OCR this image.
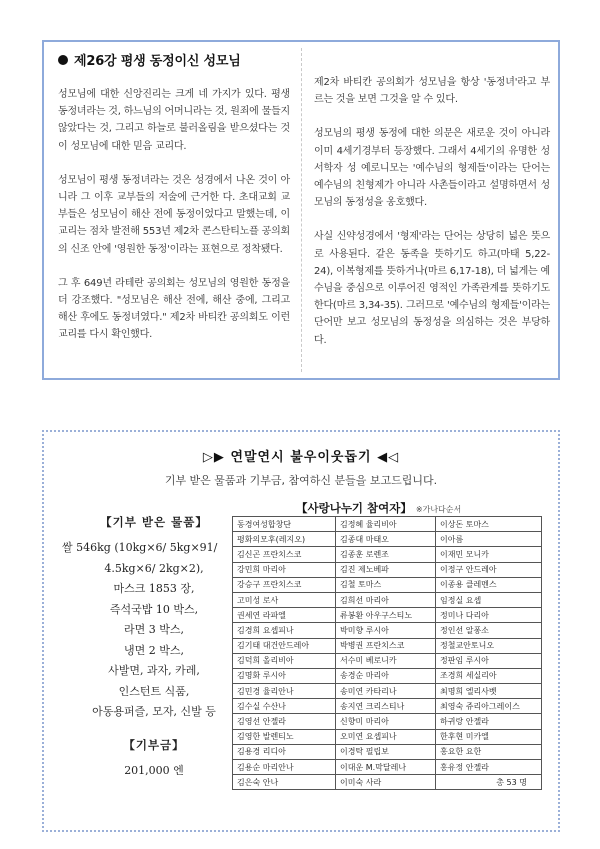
제26강 평생 동정이신 성모님

성모님에 대한 신앙진리는 크게 네 가지가 있다. 평생 동정녀라는 것, 하느님의 어머니라는 것, 원죄에 물들지 않았다는 것, 그리고 하늘로 불러올림을 받으셨다는 것이 성모님에 대한 믿음 교리다.

성모님이 평생 동정녀라는 것은 성경에서 나온 것이 아니라 그 이후 교부들의 저술에 근거한 다. 초대교회 교부들은 성모님이 해산 전에 동정이었다고 말했는데, 이 교리는 점차 발전해 553년 제2차 콘스탄티노플 공의회의 신조 안에 '영원한 동정'이라는 표현으로 정착됐다.

그 후 649년 라테란 공의회는 성모님의 영원한 동정을 더 강조했다. "성모님은 해산 전에, 해산 중에, 그리고 해산 후에도 동정녀였다." 제2차 바티칸 공의회도 이런 교리를 다시 확인했다.

제2차 바티칸 공의회가 성모님을 항상 '동정녀'라고 부르는 것을 보면 그것을 알 수 있다.

성모님의 평생 동정에 대한 의문은 새로운 것이 아니라 이미 4세기경부터 등장했다. 그래서 4세기의 유명한 성서학자 성 예로니모는 '예수님의 형제들'이라는 단어는 예수님의 친형제가 아니라 사촌들이라고 설명하면서 성모님의 동정성을 옹호했다.

사실 신약성경에서 '형제'라는 단어는 상당히 넓은 뜻으로 사용된다. 같은 동족을 뜻하기도 하고(마태 5,22-24), 이복형제를 뜻하거나(마르 6,17-18), 더 넓게는 예수님을 중심으로 이루어진 영적인 가족관계를 뜻하기도 한다(마르 3,34-35). 그러므로 '예수님의 형제들'이라는 단어만 보고 성모님의 동정성을 의심하는 것은 부당하다.

▷▶ 연말연시 불우이웃돕기 ◀◁
기부 받은 물품과 기부금, 참여하신 분들을 보고드립니다.
【기부 받은 물품】
쌀 546kg (10kg×6/ 5kg×91/
4.5kg×6/ 2kg×2),
마스크 1853 장,
즉석국밥 10 박스,
라면 3 박스,
냉면 2 박스,
사발면, 과자, 카레,
인스턴트 식품,
아동용퍼즐, 모자, 신발 등
【기부금】
201,000 엔
【사랑나누기 참여자】 ※가나다순서
동경여성합창단	김정혜 율리비아	이상돈 토마스
평화의모후(레지오)	김종대 마태오	이아름
김신곤 프란치스코	김종훈 로렌조	이재민 모니카
강민희 마리아	김진 제노베파	이정구 안드레아
강승구 프란치스코	김철 토마스	이종용 클레멘스
고미성 로사	김희선 마리아	임정실 요셉
권세연 라파엘	류봉환 아우구스티노	정미나 다리아
김경희 요셉피나	박미향 루시아	정인선 알퐁소
김기태 대건안드레아	박병권 프란치스코	정철교안토니오
김덕희 올리비아	서수미 베로니카	정판임 루시아
김명화 루시아	송경순 마리아	조경희 세실리아
김민경 율리안나	송미연 카타리나	최명희 엘리사벳
김수실 수산나	송지연 크리스티나	최영숙 쥬리아그레이스
김영선 안젤라	신향미 마리아	하귀랑 안젤라
김영한 발렌티노	오미연 요셉피나	한후현 미카엘
김용경 리디아	이경탁 필립보	홍요한 요한
김용순 마리안나	이대운 M.막달레나	홍유정 안젤라
김은숙 안나	이미숙 사라	총 53 명
